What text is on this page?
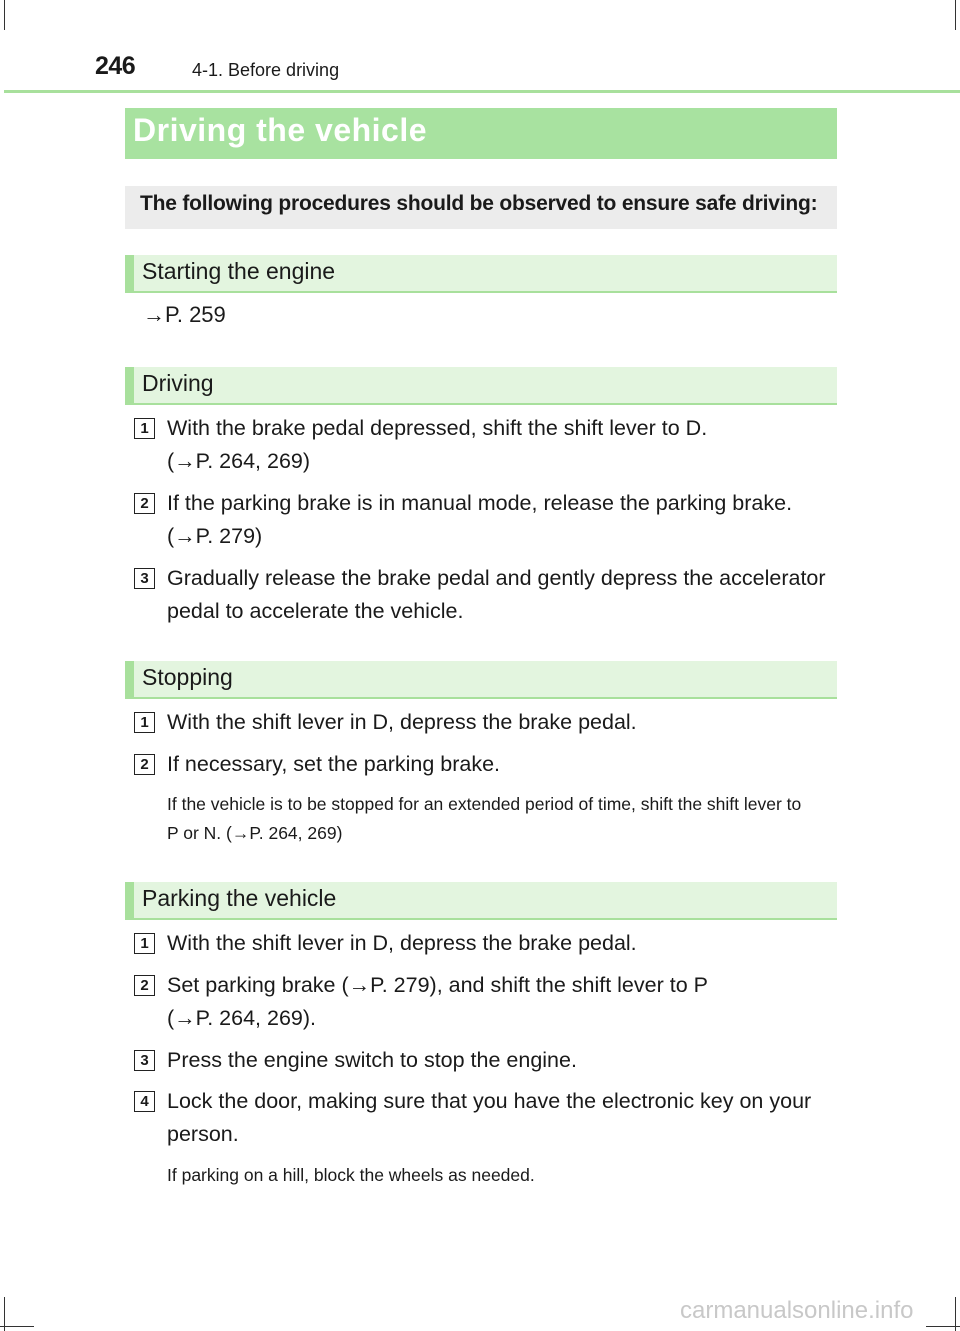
246	4-1. Before driving
Driving the vehicle
The following procedures should be observed to ensure safe driving:
Starting the engine
→P. 259
Driving
1 With the brake pedal depressed, shift the shift lever to D.
(→P. 264, 269)
2 If the parking brake is in manual mode, release the parking brake.
(→P. 279)
3 Gradually release the brake pedal and gently depress the accelerator
pedal to accelerate the vehicle.
Stopping
1 With the shift lever in D, depress the brake pedal.
2 If necessary, set the parking brake.
If the vehicle is to be stopped for an extended period of time, shift the shift lever to
P or N. (→P. 264, 269)
Parking the vehicle
1 With the shift lever in D, depress the brake pedal.
2 Set parking brake (→P. 279), and shift the shift lever to P
(→P. 264, 269).
3 Press the engine switch to stop the engine.
4 Lock the door, making sure that you have the electronic key on your
person.
If parking on a hill, block the wheels as needed.
carmanualsonline.info
